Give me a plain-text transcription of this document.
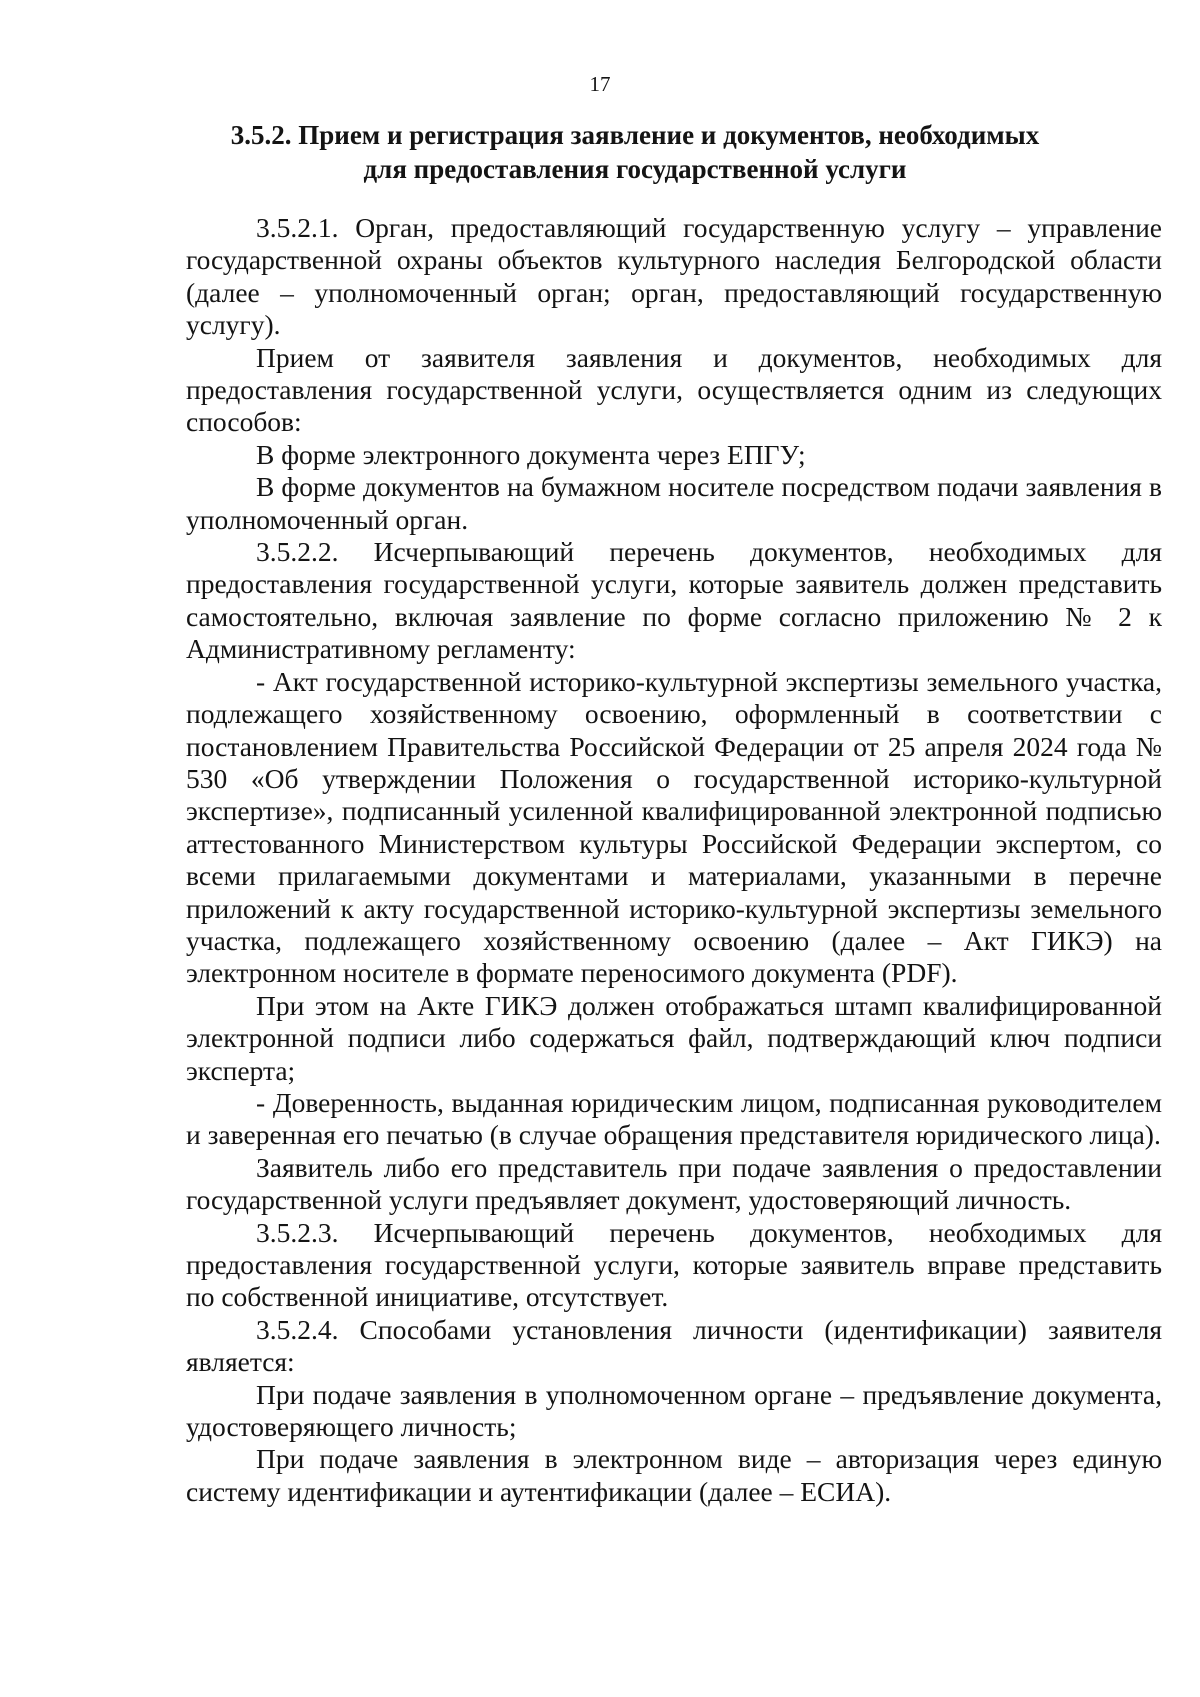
17
3.5.2. Прием и регистрация заявление и документов, необходимых
для предоставления государственной услуги

3.5.2.1. Орган, предоставляющий государственную услугу – управление государственной охраны объектов культурного наследия Белгородской области (далее – уполномоченный орган; орган, предоставляющий государственную услугу).

Прием от заявителя заявления и документов, необходимых для предоставления государственной услуги, осуществляется одним из следующих способов:

В форме электронного документа через ЕПГУ;

В форме документов на бумажном носителе посредством подачи заявления в уполномоченный орган.

3.5.2.2. Исчерпывающий перечень документов, необходимых для предоставления государственной услуги, которые заявитель должен представить самостоятельно, включая заявление по форме согласно приложению № 2 к Административному регламенту:

- Акт государственной историко-культурной экспертизы земельного участка, подлежащего хозяйственному освоению, оформленный в соответствии с постановлением Правительства Российской Федерации от 25 апреля 2024 года № 530 «Об утверждении Положения о государственной историко-культурной экспертизе», подписанный усиленной квалифицированной электронной подписью аттестованного Министерством культуры Российской Федерации экспертом, со всеми прилагаемыми документами и материалами, указанными в перечне приложений к акту государственной историко-культурной экспертизы земельного участка, подлежащего хозяйственному освоению (далее – Акт ГИКЭ) на электронном носителе в формате переносимого документа (PDF).

При этом на Акте ГИКЭ должен отображаться штамп квалифицированной электронной подписи либо содержаться файл, подтверждающий ключ подписи эксперта;

- Доверенность, выданная юридическим лицом, подписанная руководителем и заверенная его печатью (в случае обращения представителя юридического лица).

Заявитель либо его представитель при подаче заявления о предоставлении государственной услуги предъявляет документ, удостоверяющий личность.

3.5.2.3. Исчерпывающий перечень документов, необходимых для предоставления государственной услуги, которые заявитель вправе представить по собственной инициативе, отсутствует.

3.5.2.4. Способами установления личности (идентификации) заявителя является:

При подаче заявления в уполномоченном органе – предъявление документа, удостоверяющего личность;

При подаче заявления в электронном виде – авторизация через единую систему идентификации и аутентификации (далее – ЕСИА).
